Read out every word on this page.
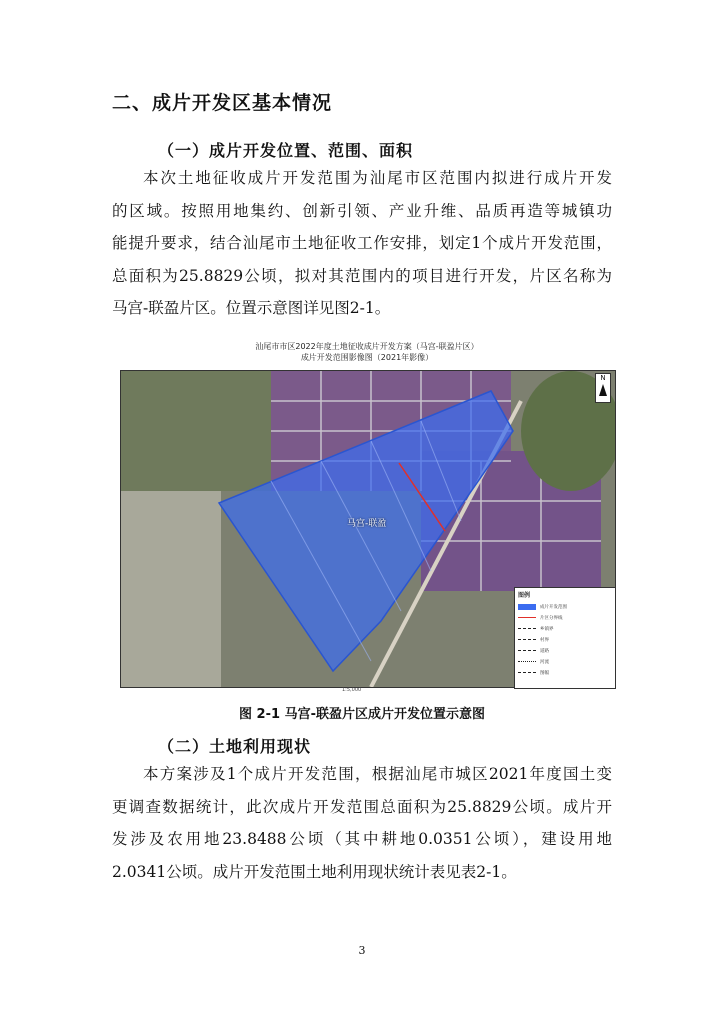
二、成片开发区基本情况
（一）成片开发位置、范围、面积
本次土地征收成片开发范围为汕尾市区范围内拟进行成片开发
的区域。按照用地集约、创新引领、产业升维、品质再造等城镇功
能提升要求，结合汕尾市土地征收工作安排，划定1个成片开发范围，
总面积为25.8829公顷，拟对其范围内的项目进行开发，片区名称为
马宫-联盈片区。位置示意图详见图2-1。
汕尾市市区2022年度土地征收成片开发方案（马宫-联盈片区）
成片开发范围影像图（2021年影像）
马宫-联盈
N
图例
成片开发范围
片区分界线
乡镇界
村界
道路
河流
图幅
1:5,000
图 2-1 马宫-联盈片区成片开发位置示意图
（二）土地利用现状
本方案涉及1个成片开发范围，根据汕尾市城区2021年度国土变
更调查数据统计，此次成片开发范围总面积为25.8829公顷。成片开
发涉及农用地23.8488公顷（其中耕地0.0351公顷），建设用地
2.0341公顷。成片开发范围土地利用现状统计表见表2-1。
3
